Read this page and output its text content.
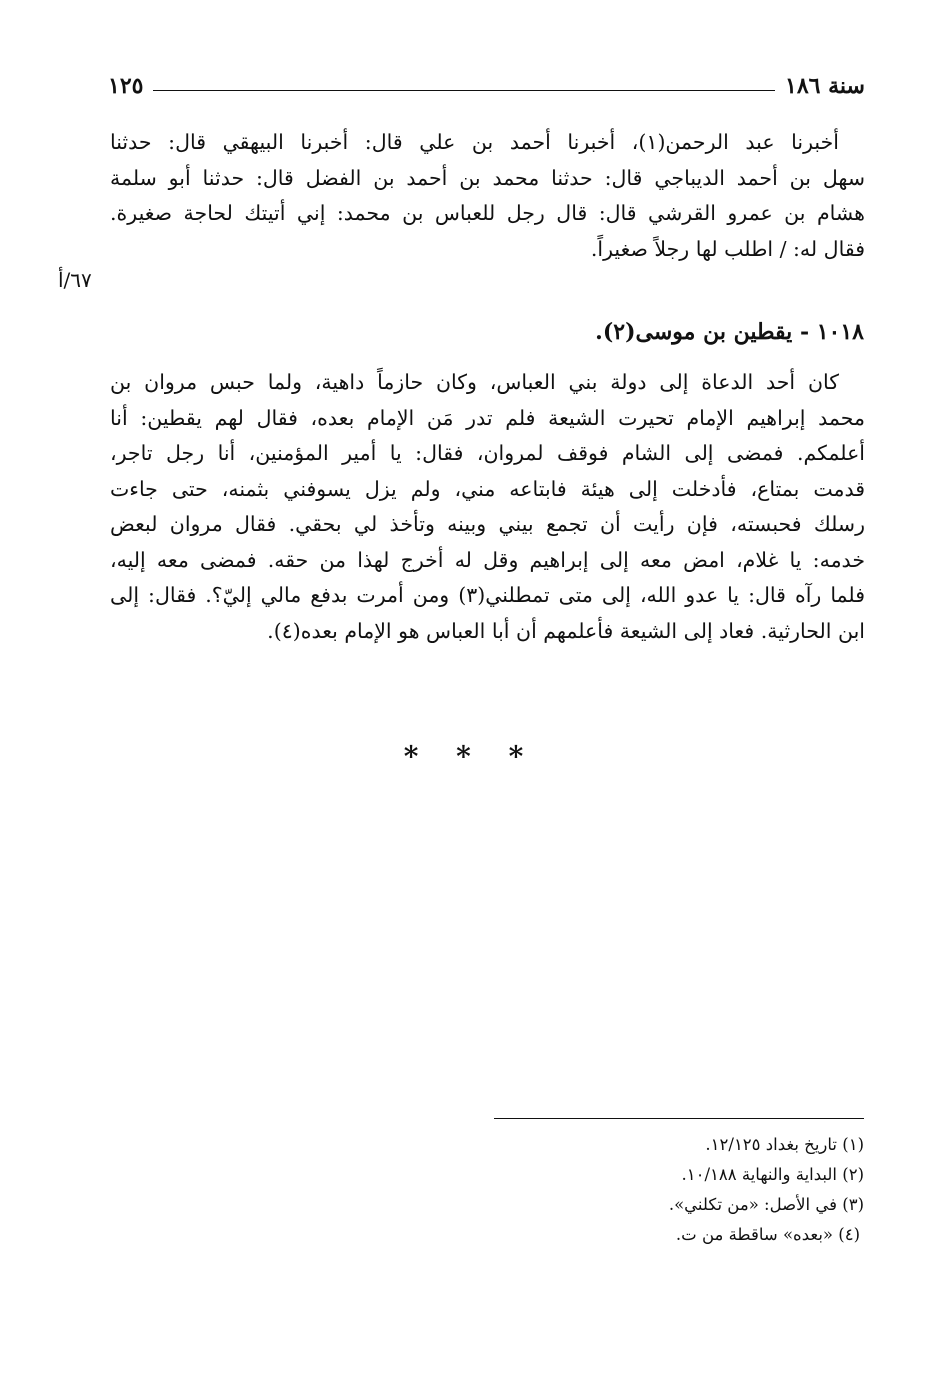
سنة ١٨٦
١٢٥
أخبرنا عبد الرحمن(١)، أخبرنا أحمد بن علي قال: أخبرنا البيهقي قال: حدثنا
سهل بن أحمد الديباجي قال: حدثنا محمد بن أحمد بن الفضل قال: حدثنا أبو سلمة
هشام بن عمرو القرشي قال: قال رجل للعباس بن محمد: إني أتيتك لحاجة صغيرة.
فقال له: / اطلب لها رجلاً صغيراً.
٦٧/أ
١٠١٨ - يقطين بن موسى(٢).
كان أحد الدعاة إلى دولة بني العباس، وكان حازماً داهية، ولما حبس مروان بن
محمد إبراهيم الإمام تحيرت الشيعة فلم تدر مَن الإمام بعده، فقال لهم يقطين: أنا
أعلمكم. فمضى إلى الشام فوقف لمروان، فقال: يا أمير المؤمنين، أنا رجل تاجر،
قدمت بمتاع، فأدخلت إلى هيئة فابتاعه مني، ولم يزل يسوفني بثمنه، حتى جاءت
رسلك فحبسته، فإن رأيت أن تجمع بيني وبينه وتأخذ لي بحقي. فقال مروان لبعض
خدمه: يا غلام، امض معه إلى إبراهيم وقل له أخرج لهذا من حقه. فمضى معه إليه،
فلما رآه قال: يا عدو الله، إلى متى تمطلني(٣) ومن أمرت بدفع مالي إليّ؟. فقال: إلى
ابن الحارثية. فعاد إلى الشيعة فأعلمهم أن أبا العباس هو الإمام بعده(٤).
* * *
(١) تاريخ بغداد ١٢/١٢٥.
(٢) البداية والنهاية ١٠/١٨٨.
(٣) في الأصل: «من تكلني».
(٤) «بعده» ساقطة من ت.
